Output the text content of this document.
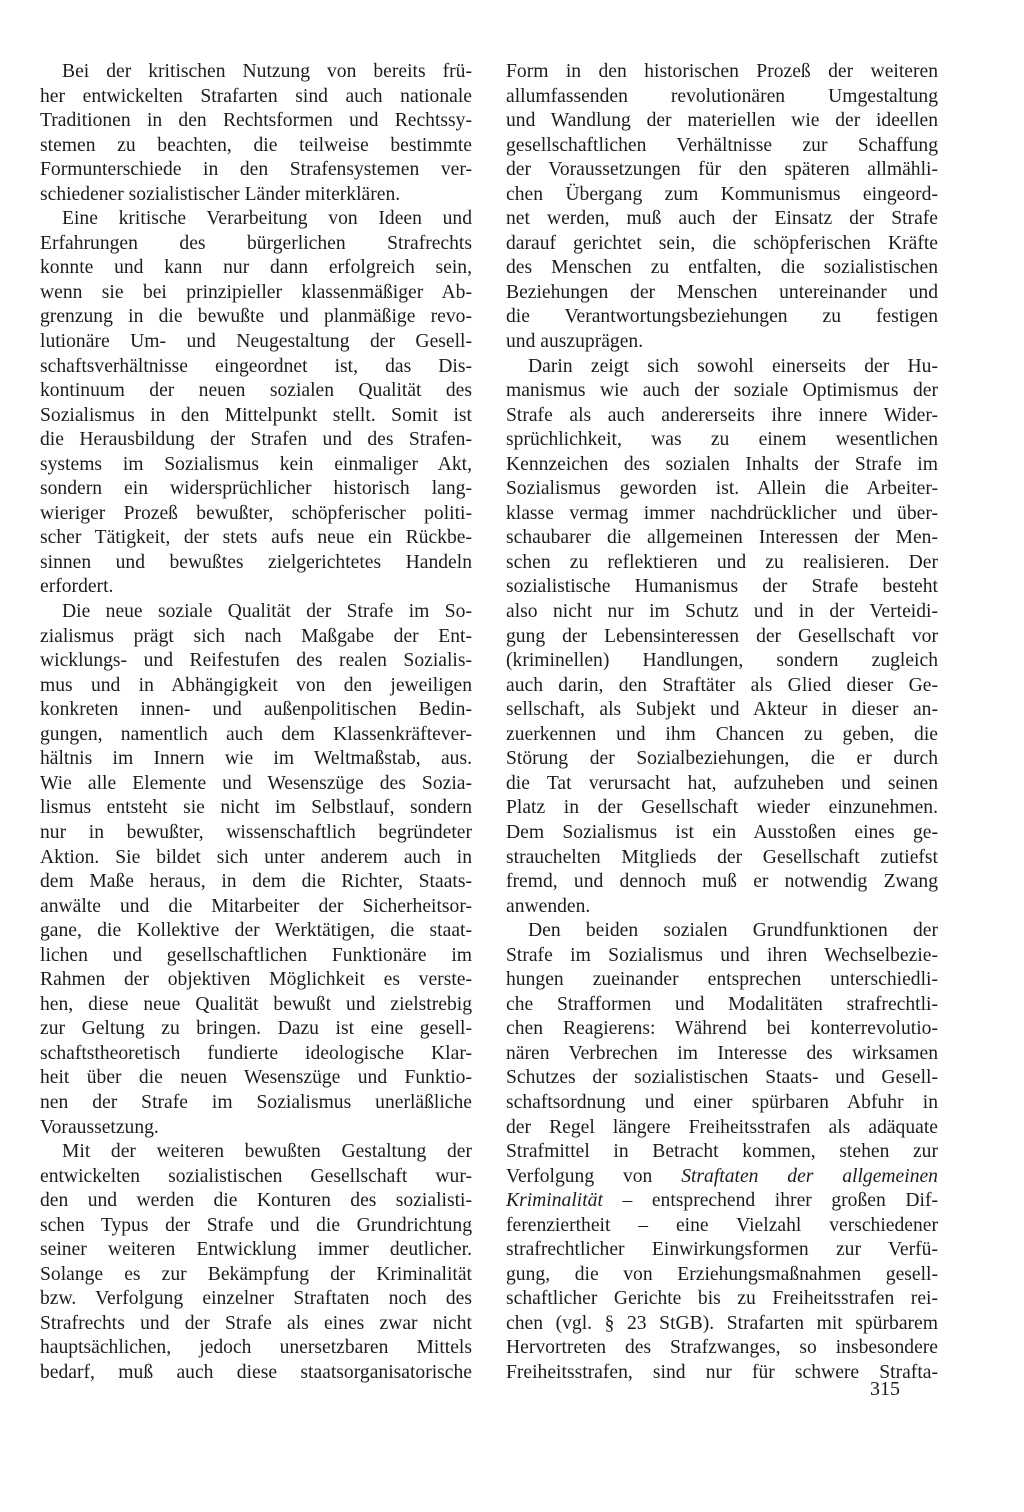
Bei der kritischen Nutzung von bereits frü-
her entwickelten Strafarten sind auch nationale
Traditionen in den Rechtsformen und Rechtssy-
stemen zu beachten, die teilweise bestimmte
Formunterschiede in den Strafensystemen ver-
schiedener sozialistischer Länder miterklären.
Eine kritische Verarbeitung von Ideen und
Erfahrungen des bürgerlichen Strafrechts
konnte und kann nur dann erfolgreich sein,
wenn sie bei prinzipieller klassenmäßiger Ab-
grenzung in die bewußte und planmäßige revo-
lutionäre Um- und Neugestaltung der Gesell-
schaftsverhältnisse eingeordnet ist, das Dis-
kontinuum der neuen sozialen Qualität des
Sozialismus in den Mittelpunkt stellt. Somit ist
die Herausbildung der Strafen und des Strafen-
systems im Sozialismus kein einmaliger Akt,
sondern ein widersprüchlicher historisch lang-
wieriger Prozeß bewußter, schöpferischer politi-
scher Tätigkeit, der stets aufs neue ein Rückbe-
sinnen und bewußtes zielgerichtetes Handeln
erfordert.
Die neue soziale Qualität der Strafe im So-
zialismus prägt sich nach Maßgabe der Ent-
wicklungs- und Reifestufen des realen Sozialis-
mus und in Abhängigkeit von den jeweiligen
konkreten innen- und außenpolitischen Bedin-
gungen, namentlich auch dem Klassenkräftever-
hältnis im Innern wie im Weltmaßstab, aus.
Wie alle Elemente und Wesenszüge des Sozia-
lismus entsteht sie nicht im Selbstlauf, sondern
nur in bewußter, wissenschaftlich begründeter
Aktion. Sie bildet sich unter anderem auch in
dem Maße heraus, in dem die Richter, Staats-
anwälte und die Mitarbeiter der Sicherheitsor-
gane, die Kollektive der Werktätigen, die staat-
lichen und gesellschaftlichen Funktionäre im
Rahmen der objektiven Möglichkeit es verste-
hen, diese neue Qualität bewußt und zielstrebig
zur Geltung zu bringen. Dazu ist eine gesell-
schaftstheoretisch fundierte ideologische Klar-
heit über die neuen Wesenszüge und Funktio-
nen der Strafe im Sozialismus unerläßliche
Voraussetzung.
Mit der weiteren bewußten Gestaltung der
entwickelten sozialistischen Gesellschaft wur-
den und werden die Konturen des sozialisti-
schen Typus der Strafe und die Grundrichtung
seiner weiteren Entwicklung immer deutlicher.
Solange es zur Bekämpfung der Kriminalität
bzw. Verfolgung einzelner Straftaten noch des
Strafrechts und der Strafe als eines zwar nicht
hauptsächlichen, jedoch unersetzbaren Mittels
bedarf, muß auch diese staatsorganisatorische
Form in den historischen Prozeß der weiteren
allumfassenden revolutionären Umgestaltung
und Wandlung der materiellen wie der ideellen
gesellschaftlichen Verhältnisse zur Schaffung
der Voraussetzungen für den späteren allmähli-
chen Übergang zum Kommunismus eingeord-
net werden, muß auch der Einsatz der Strafe
darauf gerichtet sein, die schöpferischen Kräfte
des Menschen zu entfalten, die sozialistischen
Beziehungen der Menschen untereinander und
die Verantwortungsbeziehungen zu festigen
und auszuprägen.
Darin zeigt sich sowohl einerseits der Hu-
manismus wie auch der soziale Optimismus der
Strafe als auch andererseits ihre innere Wider-
sprüchlichkeit, was zu einem wesentlichen
Kennzeichen des sozialen Inhalts der Strafe im
Sozialismus geworden ist. Allein die Arbeiter-
klasse vermag immer nachdrücklicher und über-
schaubarer die allgemeinen Interessen der Men-
schen zu reflektieren und zu realisieren. Der
sozialistische Humanismus der Strafe besteht
also nicht nur im Schutz und in der Verteidi-
gung der Lebensinteressen der Gesellschaft vor
(kriminellen) Handlungen, sondern zugleich
auch darin, den Straftäter als Glied dieser Ge-
sellschaft, als Subjekt und Akteur in dieser an-
zuerkennen und ihm Chancen zu geben, die
Störung der Sozialbeziehungen, die er durch
die Tat verursacht hat, aufzuheben und seinen
Platz in der Gesellschaft wieder einzunehmen.
Dem Sozialismus ist ein Ausstoßen eines ge-
strauchelten Mitglieds der Gesellschaft zutiefst
fremd, und dennoch muß er notwendig Zwang
anwenden.
Den beiden sozialen Grundfunktionen der
Strafe im Sozialismus und ihren Wechselbezie-
hungen zueinander entsprechen unterschiedli-
che Strafformen und Modalitäten strafrechtli-
chen Reagierens: Während bei konterrevolutio-
nären Verbrechen im Interesse des wirksamen
Schutzes der sozialistischen Staats- und Gesell-
schaftsordnung und einer spürbaren Abfuhr in
der Regel längere Freiheitsstrafen als adäquate
Strafmittel in Betracht kommen, stehen zur
Verfolgung von Straftaten der allgemeinen
Kriminalität – entsprechend ihrer großen Dif-
ferenziertheit – eine Vielzahl verschiedener
strafrechtlicher Einwirkungsformen zur Verfü-
gung, die von Erziehungsmaßnahmen gesell-
schaftlicher Gerichte bis zu Freiheitsstrafen rei-
chen (vgl. § 23 StGB). Strafarten mit spürbarem
Hervortreten des Strafzwanges, so insbesondere
Freiheitsstrafen, sind nur für schwere Strafta-
315
